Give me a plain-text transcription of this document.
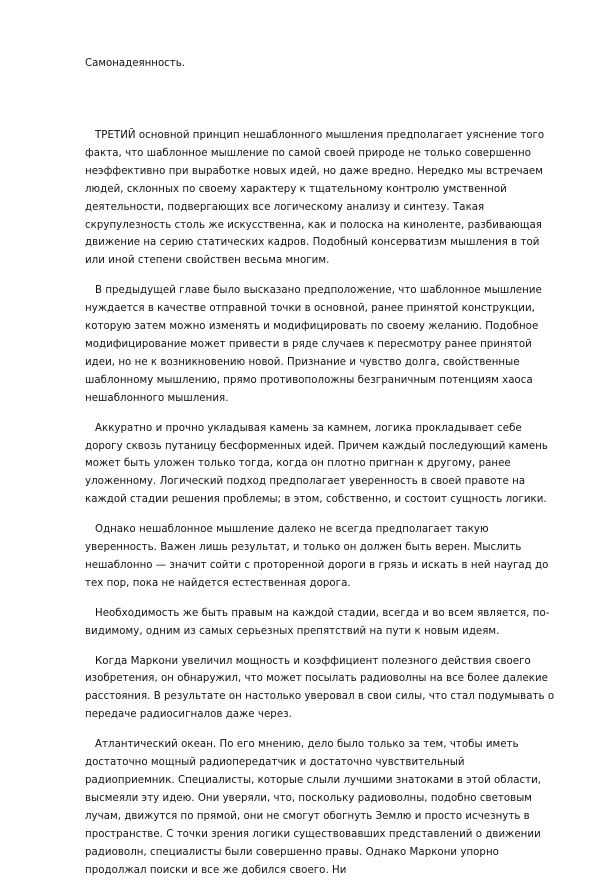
Самонадеянность.

ТРЕТИЙ основной принцип нешаблонного мышления предполагает уяснение того факта, что шаблонное мышление по самой своей природе не только совершенно неэффективно при выработке новых идей, но даже вредно. Нередко мы встречаем людей, склонных по своему характеру к тщательному контролю умственной деятельности, подвергающих все логическому анализу и синтезу. Такая скрупулезность столь же искусственна, как и полоска на киноленте, разбивающая движение на серию статических кадров. Подобный консерватизм мышления в той или иной степени свойствен весьма многим.

В предыдущей главе было высказано предположение, что шаблонное мышление нуждается в качестве отправной точки в основной, ранее принятой конструкции, которую затем можно изменять и модифицировать по своему желанию. Подобное модифицирование может привести в ряде случаев к пересмотру ранее принятой идеи, но не к возникновению новой. Признание и чувство долга, свойственные шаблонному мышлению, прямо противоположны безграничным потенциям хаоса нешаблонного мышления.

Аккуратно и прочно укладывая камень за камнем, логика прокладывает себе дорогу сквозь путаницу бесформенных идей. Причем каждый последующий камень может быть уложен только тогда, когда он плотно пригнан к другому, ранее уложенному. Логический подход предполагает уверенность в своей правоте на каждой стадии решения проблемы; в этом, собственно, и состоит сущность логики.

Однако нешаблонное мышление далеко не всегда предполагает такую уверенность. Важен лишь результат, и только он должен быть верен. Мыслить нешаблонно — значит сойти с проторенной дороги в грязь и искать в ней наугад до тех пор, пока не найдется естественная дорога.

Необходимость же быть правым на каждой стадии, всегда и во всем является, по-видимому, одним из самых серьезных препятствий на пути к новым идеям.

Когда Маркони увеличил мощность и коэффициент полезного действия своего изобретения, он обнаружил, что может посылать радиоволны на все более далекие расстояния. В результате он настолько уверовал в свои силы, что стал подумывать о передаче радиосигналов даже через.

Атлантический океан. По его мнению, дело было только за тем, чтобы иметь достаточно мощный радиопередатчик и достаточно чувствительный радиоприемник. Специалисты, которые слыли лучшими знатоками в этой области, высмеяли эту идею. Они уверяли, что, поскольку радиоволны, подобно световым лучам, движутся по прямой, они не смогут обогнуть Землю и просто исчезнуть в пространстве. С точки зрения логики существовавших представлений о движении радиоволн, специалисты были совершенно правы. Однако Маркони упорно продолжал поиски и все же добился своего. Ни
